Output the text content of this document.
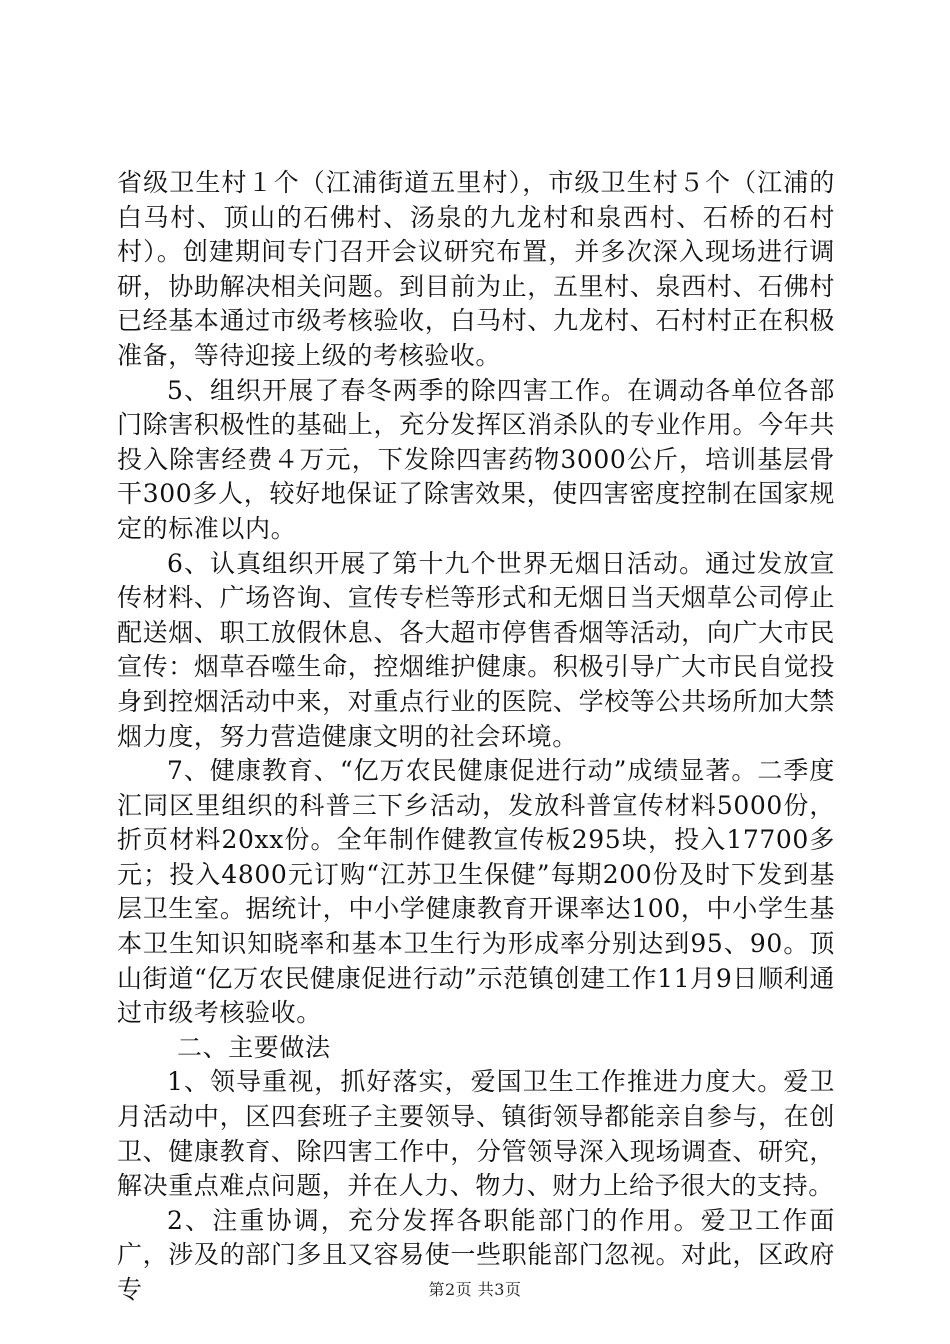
省级卫生村１个（江浦街道五里村），市级卫生村５个（江浦的白马村、顶山的石佛村、汤泉的九龙村和泉西村、石桥的石村村）。创建期间专门召开会议研究布置，并多次深入现场进行调研，协助解决相关问题。到目前为止，五里村、泉西村、石佛村已经基本通过市级考核验收，白马村、九龙村、石村村正在积极准备，等待迎接上级的考核验收。

5、组织开展了春冬两季的除四害工作。在调动各单位各部门除害积极性的基础上，充分发挥区消杀队的专业作用。今年共投入除害经费４万元，下发除四害药物3000公斤，培训基层骨干300多人，较好地保证了除害效果，使四害密度控制在国家规定的标准以内。

6、认真组织开展了第十九个世界无烟日活动。通过发放宣传材料、广场咨询、宣传专栏等形式和无烟日当天烟草公司停止配送烟、职工放假休息、各大超市停售香烟等活动，向广大市民宣传：烟草吞噬生命，控烟维护健康。积极引导广大市民自觉投身到控烟活动中来，对重点行业的医院、学校等公共场所加大禁烟力度，努力营造健康文明的社会环境。

7、健康教育、“亿万农民健康促进行动”成绩显著。二季度汇同区里组织的科普三下乡活动，发放科普宣传材料5000份，折页材料20xx份。全年制作健教宣传板295块，投入17700多元；投入4800元订购“江苏卫生保健”每期200份及时下发到基层卫生室。据统计，中小学健康教育开课率达100，中小学生基本卫生知识知晓率和基本卫生行为形成率分别达到95、90。顶山街道“亿万农民健康促进行动”示范镇创建工作11月9日顺利通过市级考核验收。

二、主要做法

1、领导重视，抓好落实，爱国卫生工作推进力度大。爱卫月活动中，区四套班子主要领导、镇街领导都能亲自参与，在创卫、健康教育、除四害工作中，分管领导深入现场调查、研究，解决重点难点问题，并在人力、物力、财力上给予很大的支持。

2、注重协调，充分发挥各职能部门的作用。爱卫工作面广，涉及的部门多且又容易使一些职能部门忽视。对此，区政府专	第2页 共3页
